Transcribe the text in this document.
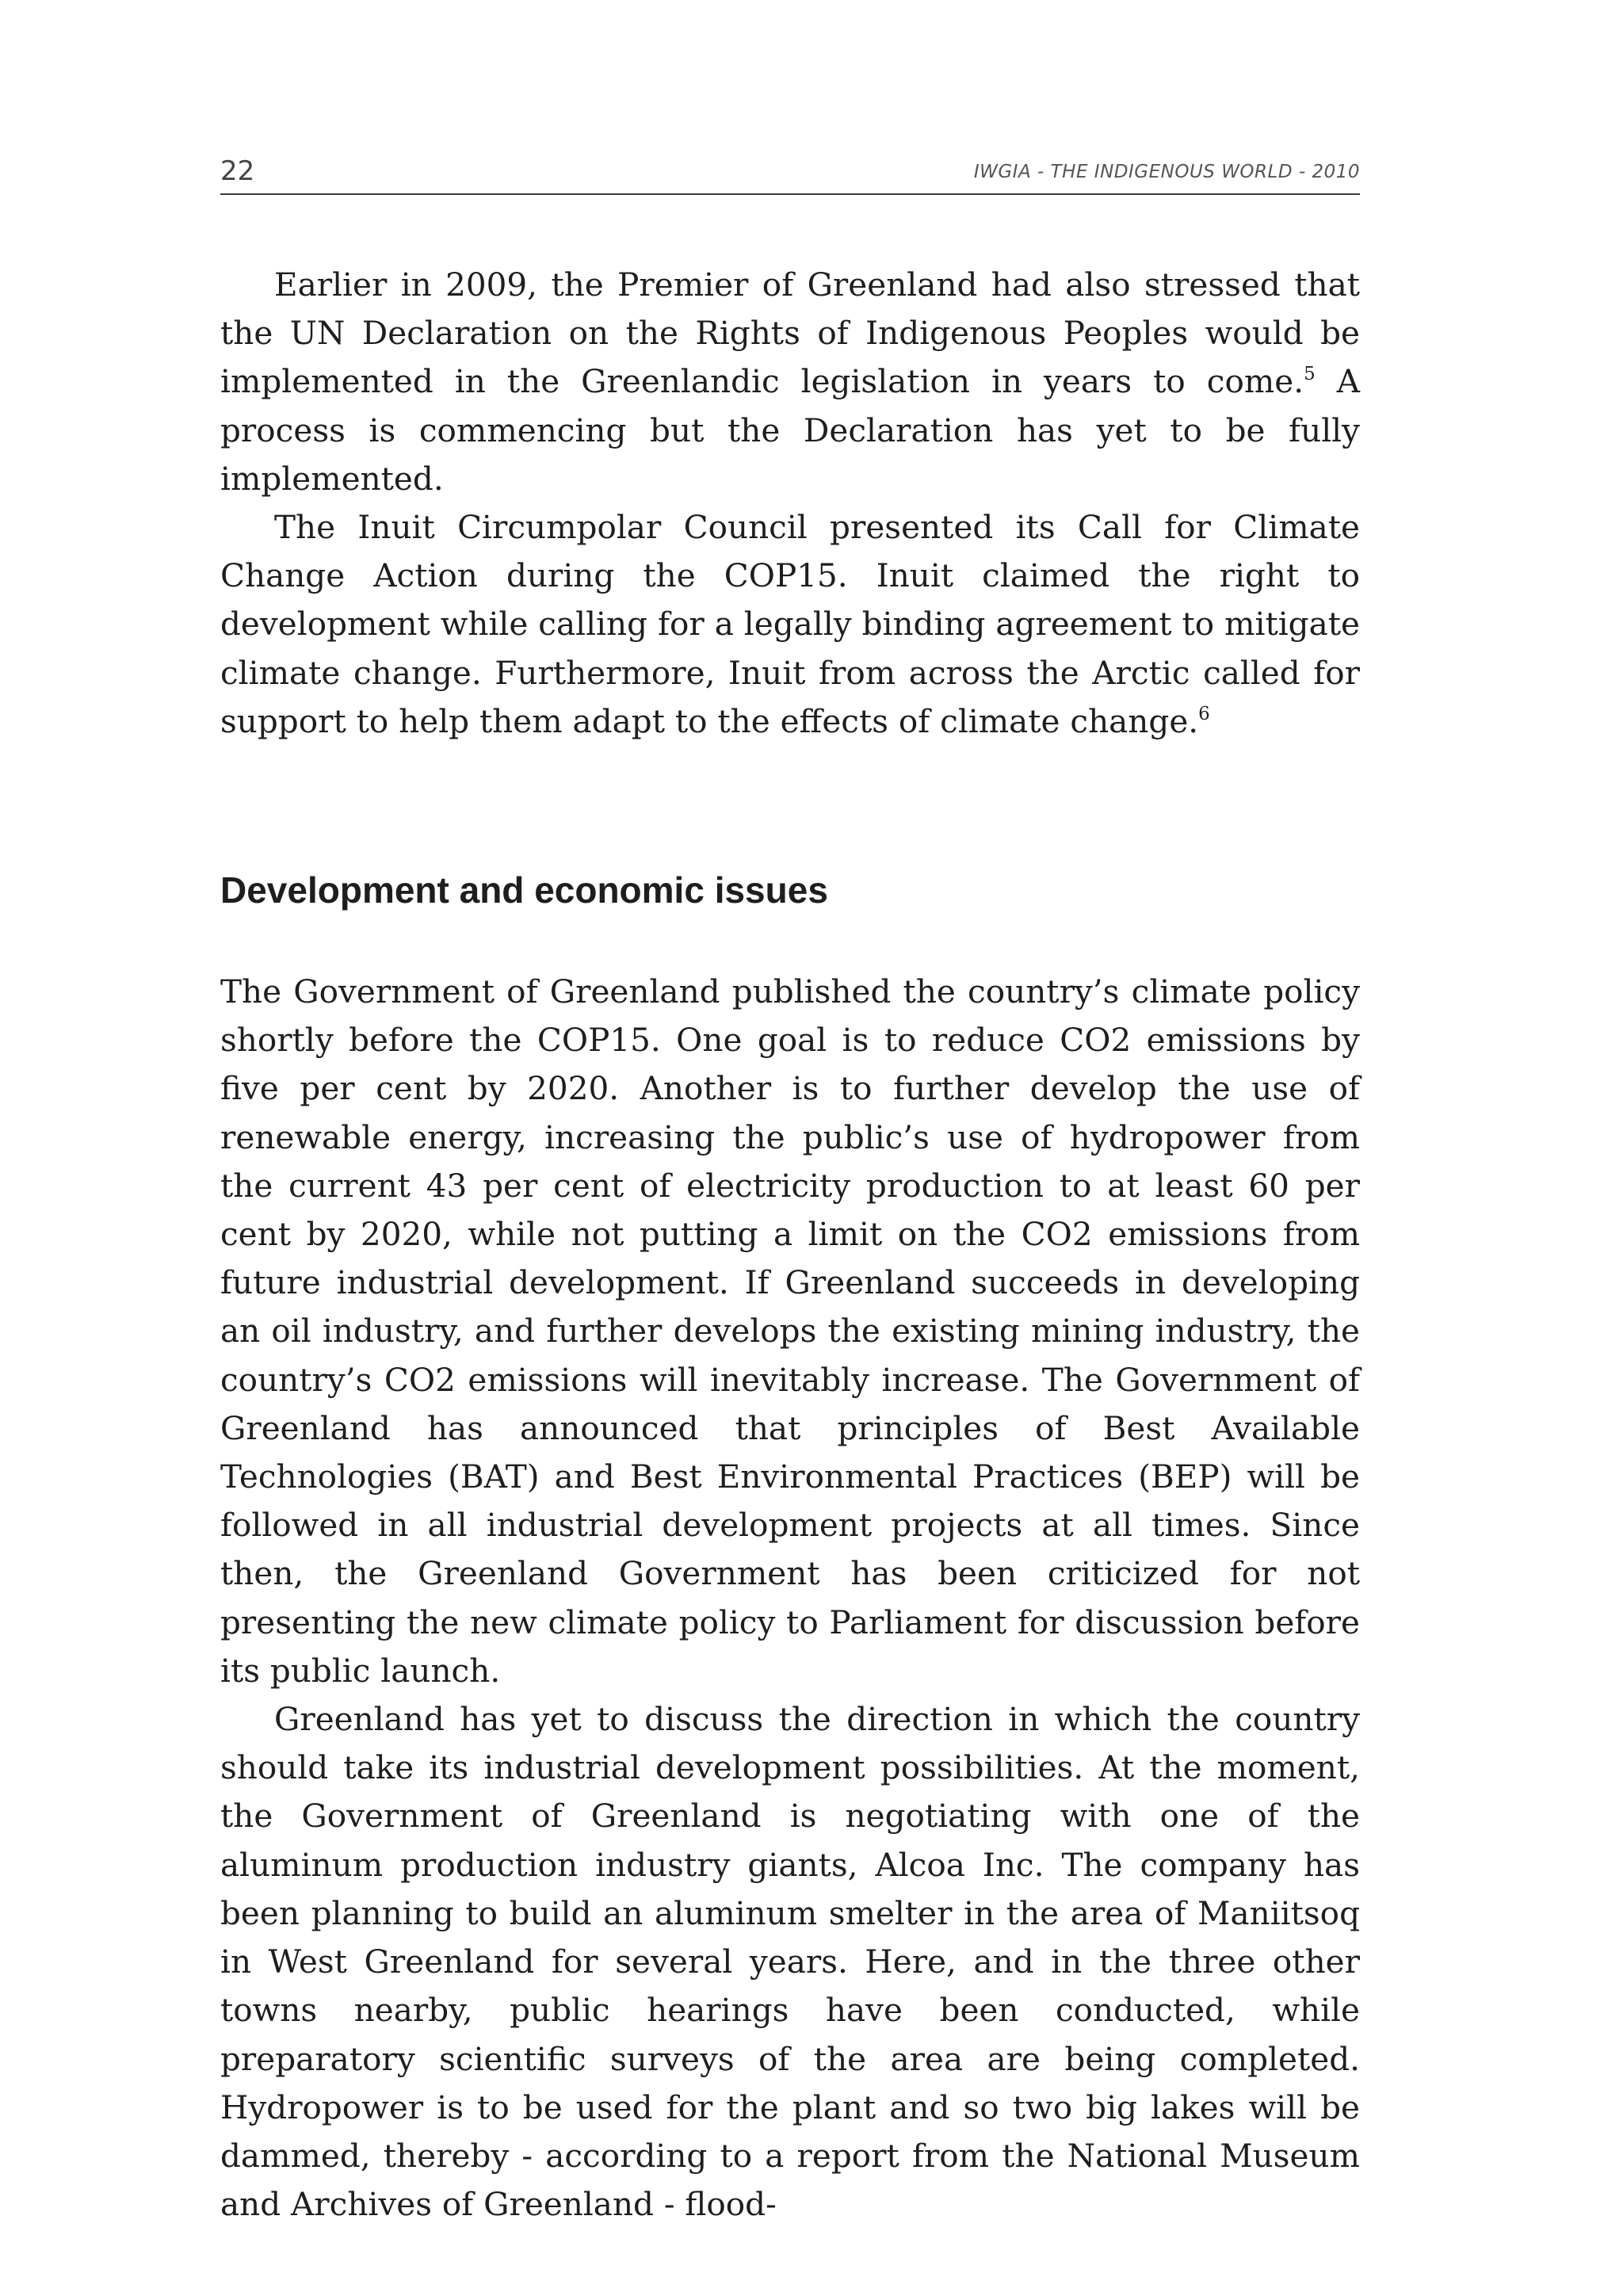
22	IWGIA - THE INDIGENOUS WORLD - 2010

Earlier in 2009, the Premier of Greenland had also stressed that the UN Declaration on the Rights of Indigenous Peoples would be implemented in the Greenlandic legislation in years to come.$^5$ A process is commencing but the Declaration has yet to be fully implemented.

The Inuit Circumpolar Council presented its Call for Climate Change Action during the COP15. Inuit claimed the right to development while calling for a legally binding agreement to mitigate climate change. Furthermore, Inuit from across the Arctic called for support to help them adapt to the effects of climate change.$^6$

Development and economic issues

The Government of Greenland published the country’s climate policy shortly before the COP15. One goal is to reduce CO2 emissions by five per cent by 2020. Another is to further develop the use of renewable energy, increasing the public’s use of hydropower from the current 43 per cent of electricity production to at least 60 per cent by 2020, while not putting a limit on the CO2 emissions from future industrial development. If Greenland succeeds in developing an oil industry, and further develops the existing mining industry, the country’s CO2 emissions will inevitably increase. The Government of Greenland has announced that principles of Best Available Technologies (BAT) and Best Environmental Practices (BEP) will be followed in all industrial development projects at all times. Since then, the Greenland Government has been criticized for not presenting the new climate policy to Parliament for discussion before its public launch.

Greenland has yet to discuss the direction in which the country should take its industrial development possibilities. At the moment, the Government of Greenland is negotiating with one of the aluminum production industry giants, Alcoa Inc. The company has been planning to build an aluminum smelter in the area of Maniitsoq in West Greenland for several years. Here, and in the three other towns nearby, public hearings have been conducted, while preparatory scientific surveys of the area are being completed. Hydropower is to be used for the plant and so two big lakes will be dammed, thereby - according to a report from the National Museum and Archives of Greenland - flood-
